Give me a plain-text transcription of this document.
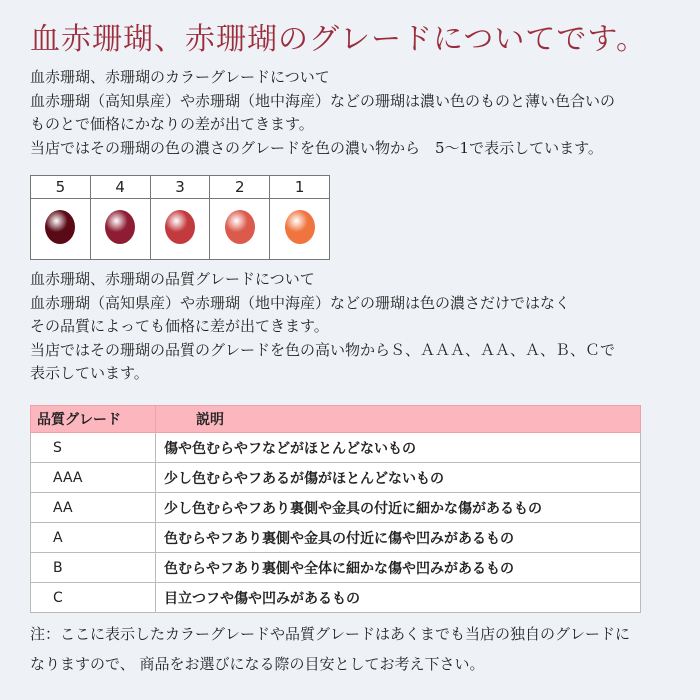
血赤珊瑚、赤珊瑚のグレードについてです。
血赤珊瑚、赤珊瑚のカラーグレードについて
血赤珊瑚（高知県産）や赤珊瑚（地中海産）などの珊瑚は濃い色のものと薄い色合いの
ものとで価格にかなりの差が出てきます。
当店ではその珊瑚の色の濃さのグレードを色の濃い物から　5～1で表示しています。
5	4	3	2	1

血赤珊瑚、赤珊瑚の品質グレードについて
血赤珊瑚（高知県産）や赤珊瑚（地中海産）などの珊瑚は色の濃さだけではなく
その品質によっても価格に差が出てきます。
当店ではその珊瑚の品質のグレードを色の高い物からＳ、ＡＡＡ、ＡＡ、Ａ、Ｂ、Ｃで
表示しています。
品質グレード	説明
S	傷や色むらやフなどがほとんどないもの
AAA	少し色むらやフあるが傷がほとんどないもの
AA	少し色むらやフあり裏側や金具の付近に細かな傷があるもの
A	色むらやフあり裏側や金具の付近に傷や凹みがあるもの
B	色むらやフあり裏側や全体に細かな傷や凹みがあるもの
C	目立つフや傷や凹みがあるもの
注：ここに表示したカラーグレードや品質グレードはあくまでも当店の独自のグレードに
なりますので、 商品をお選びになる際の目安としてお考え下さい。
